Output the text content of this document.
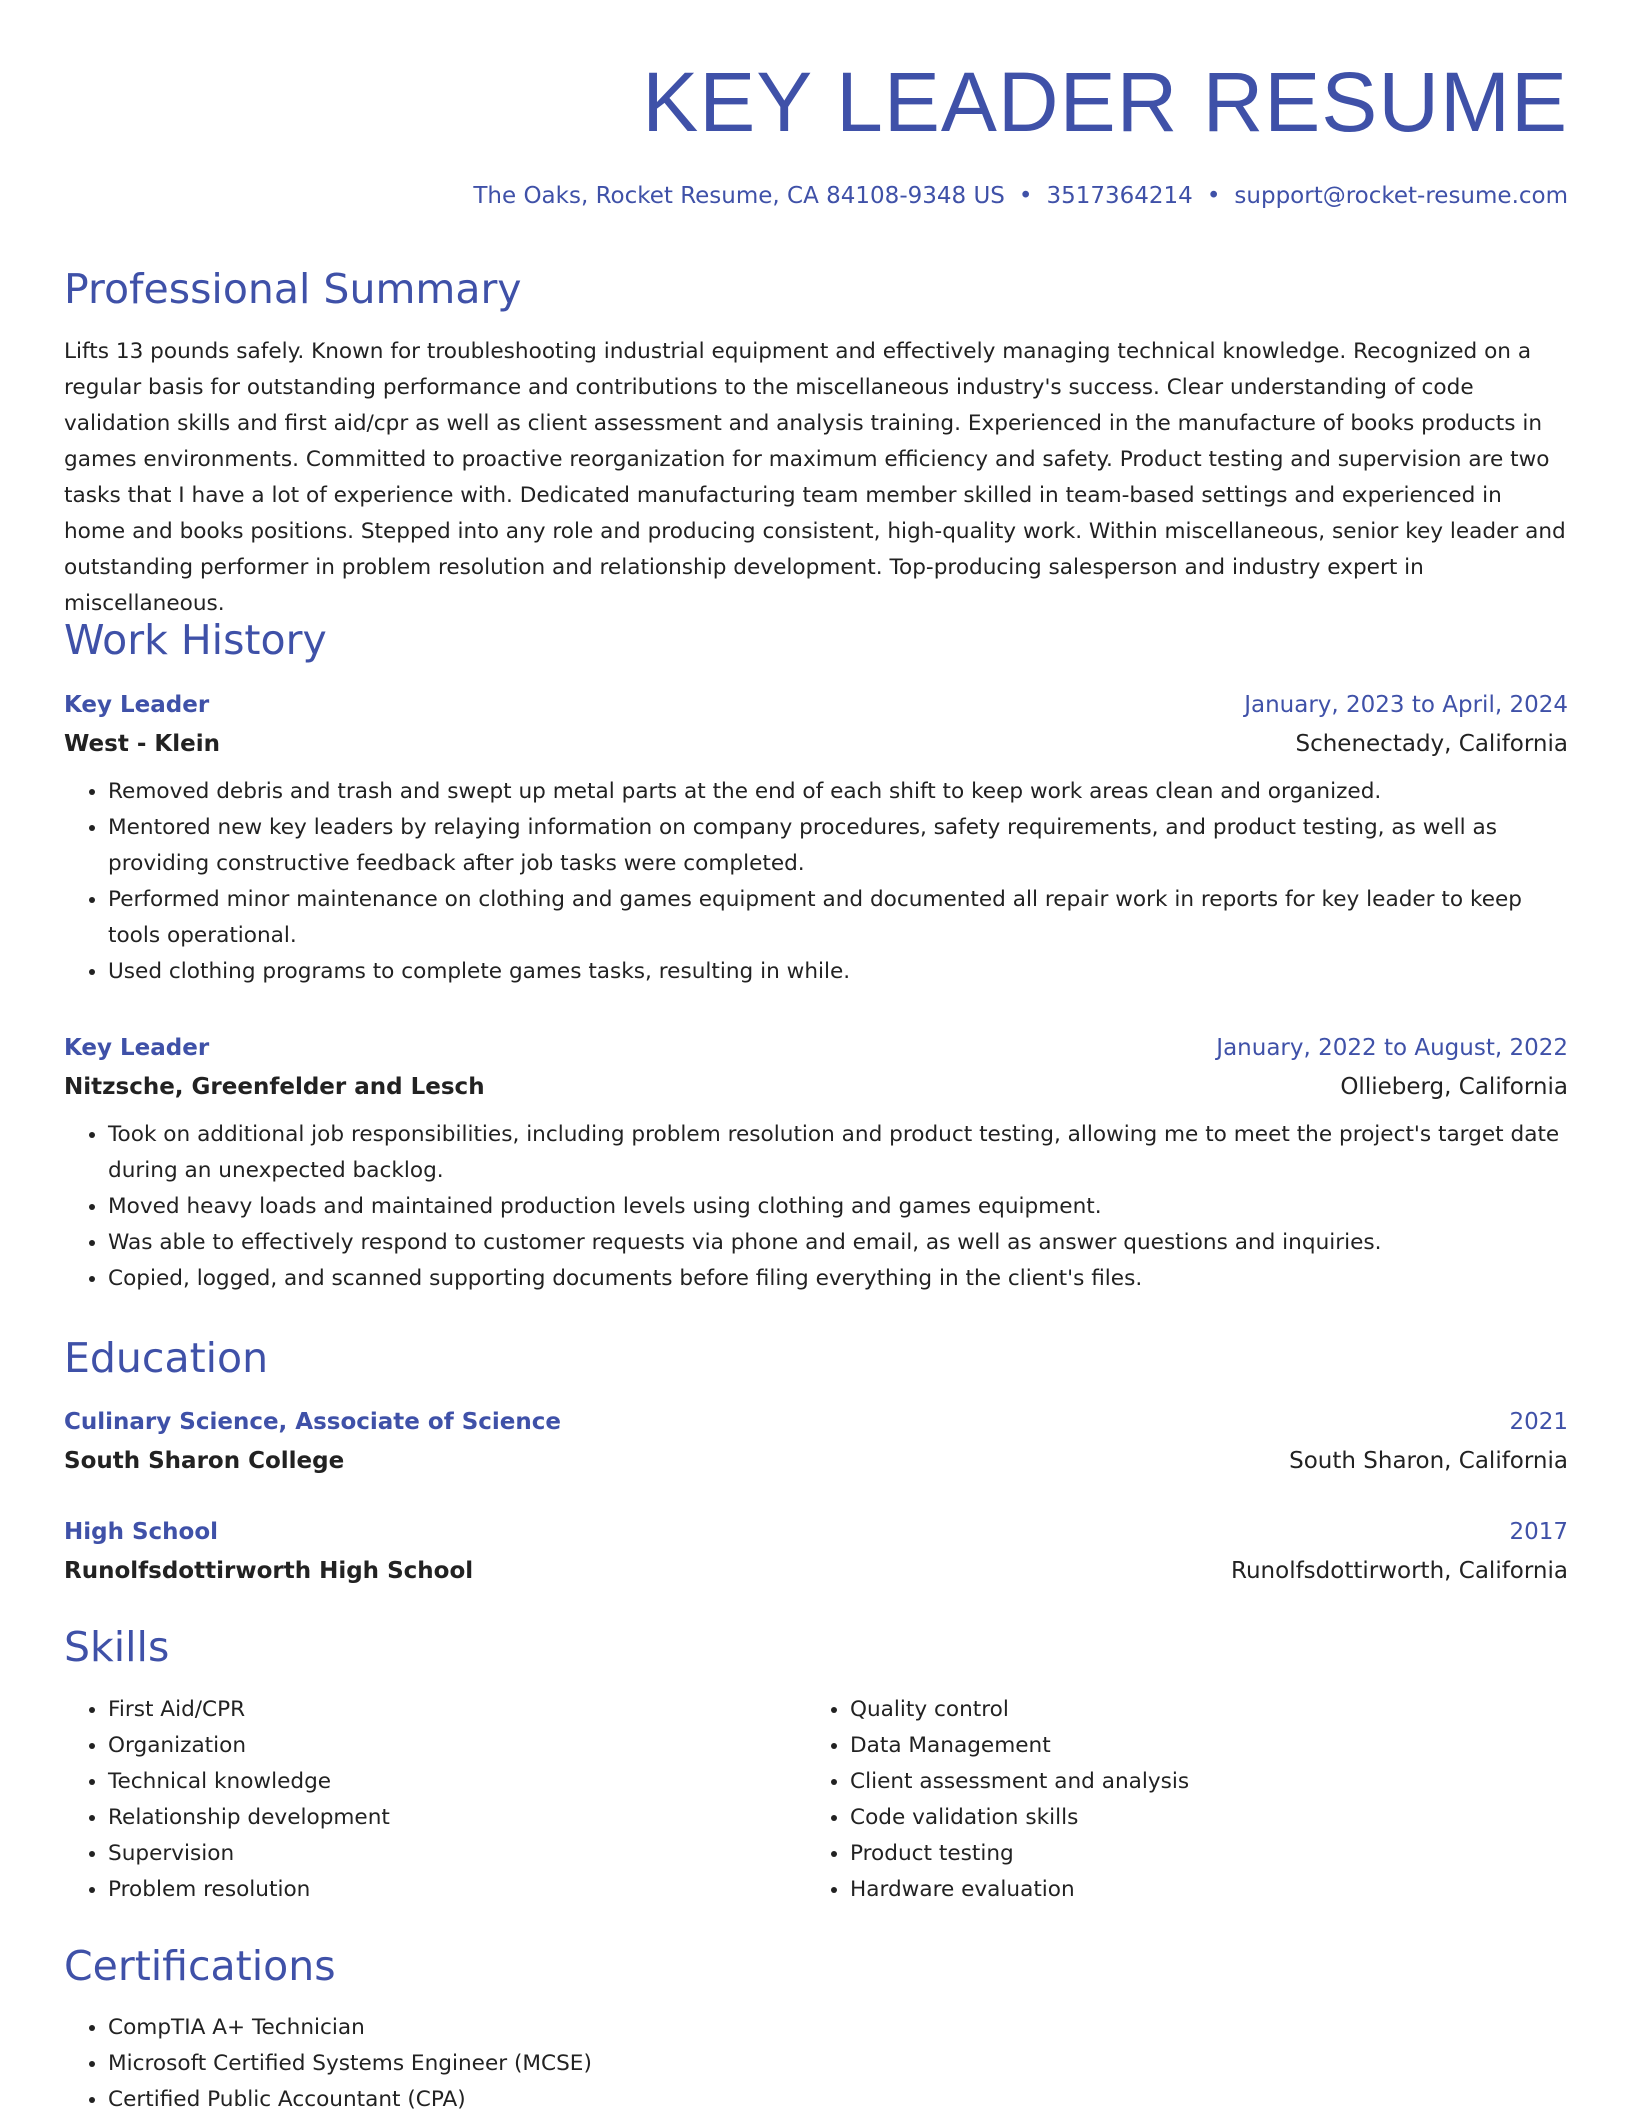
KEY LEADER RESUME
The Oaks, Rocket Resume, CA 84108-9348 US • 3517364214 • support@rocket-resume.com
Professional Summary

Lifts 13 pounds safely. Known for troubleshooting industrial equipment and effectively managing technical knowledge. Recognized on a regular basis for outstanding performance and contributions to the miscellaneous industry's success. Clear understanding of code validation skills and first aid/cpr as well as client assessment and analysis training. Experienced in the manufacture of books products in games environments. Committed to proactive reorganization for maximum efficiency and safety. Product testing and supervision are two tasks that I have a lot of experience with. Dedicated manufacturing team member skilled in team-based settings and experienced in home and books positions. Stepped into any role and producing consistent, high-quality work. Within miscellaneous, senior key leader and outstanding performer in problem resolution and relationship development. Top-producing salesperson and industry expert in miscellaneous.

Work History
Key Leader	January, 2023 to April, 2024
West - Klein	Schenectady, California
• Removed debris and trash and swept up metal parts at the end of each shift to keep work areas clean and organized.
• Mentored new key leaders by relaying information on company procedures, safety requirements, and product testing, as well as providing constructive feedback after job tasks were completed.
• Performed minor maintenance on clothing and games equipment and documented all repair work in reports for key leader to keep tools operational.
• Used clothing programs to complete games tasks, resulting in while.
Key Leader	January, 2022 to August, 2022
Nitzsche, Greenfelder and Lesch	Ollieberg, California
• Took on additional job responsibilities, including problem resolution and product testing, allowing me to meet the project's target date during an unexpected backlog.
• Moved heavy loads and maintained production levels using clothing and games equipment.
• Was able to effectively respond to customer requests via phone and email, as well as answer questions and inquiries.
• Copied, logged, and scanned supporting documents before filing everything in the client's files.
Education
Culinary Science, Associate of Science	2021
South Sharon College	South Sharon, California
High School	2017
Runolfsdottirworth High School	Runolfsdottirworth, California
Skills
• First Aid/CPR
• Organization
• Technical knowledge
• Relationship development
• Supervision
• Problem resolution
• Quality control
• Data Management
• Client assessment and analysis
• Code validation skills
• Product testing
• Hardware evaluation
Certifications
• CompTIA A+ Technician
• Microsoft Certified Systems Engineer (MCSE)
• Certified Public Accountant (CPA)
